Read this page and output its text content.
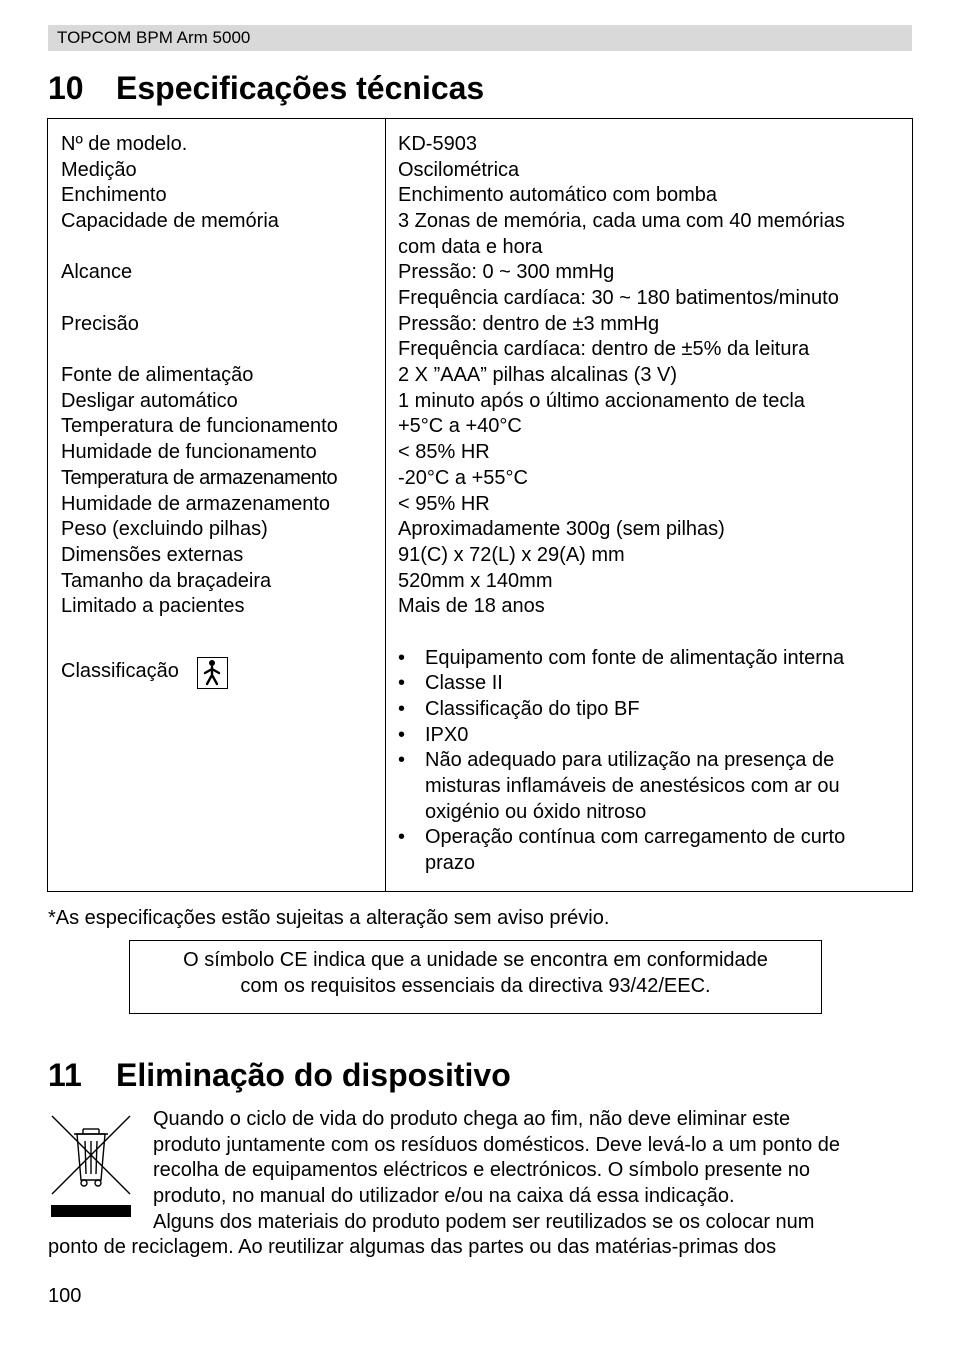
TOPCOM BPM Arm 5000
10 Especificações técnicas
Nº de modelo.
Medição
Enchimento
Capacidade de memória
Alcance
Precisão
Fonte de alimentação
Desligar automático
Temperatura de funcionamento
Humidade de funcionamento
Temperatura de armazenamento
Humidade de armazenamento
Peso (excluindo pilhas)
Dimensões externas
Tamanho da braçadeira
Limitado a pacientes
Classificação
KD-5903
Oscilométrica
Enchimento automático com bomba
3 Zonas de memória, cada uma com 40 memórias
com data e hora
Pressão: 0 ~ 300 mmHg
Frequência cardíaca: 30 ~ 180 batimentos/minuto
Pressão: dentro de ±3 mmHg
Frequência cardíaca: dentro de ±5% da leitura
2 X ”AAA” pilhas alcalinas (3 V)
1 minuto após o último accionamento de tecla
+5°C a +40°C
< 85% HR
-20°C a +55°C
< 95% HR
Aproximadamente 300g (sem pilhas)
91(C) x 72(L) x 29(A) mm
520mm x 140mm
Mais de 18 anos
• Equipamento com fonte de alimentação interna
• Classe II
• Classificação do tipo BF
• IPX0
• Não adequado para utilização na presença de
misturas inflamáveis de anestésicos com ar ou
oxigénio ou óxido nitroso
• Operação contínua com carregamento de curto
prazo
*As especificações estão sujeitas a alteração sem aviso prévio.
O símbolo CE indica que a unidade se encontra em conformidade
com os requisitos essenciais da directiva 93/42/EEC.
11 Eliminação do dispositivo
Quando o ciclo de vida do produto chega ao fim, não deve eliminar este
produto juntamente com os resíduos domésticos. Deve levá-lo a um ponto de
recolha de equipamentos eléctricos e electrónicos. O símbolo presente no
produto, no manual do utilizador e/ou na caixa dá essa indicação.
Alguns dos materiais do produto podem ser reutilizados se os colocar num
ponto de reciclagem. Ao reutilizar algumas das partes ou das matérias-primas dos
100
